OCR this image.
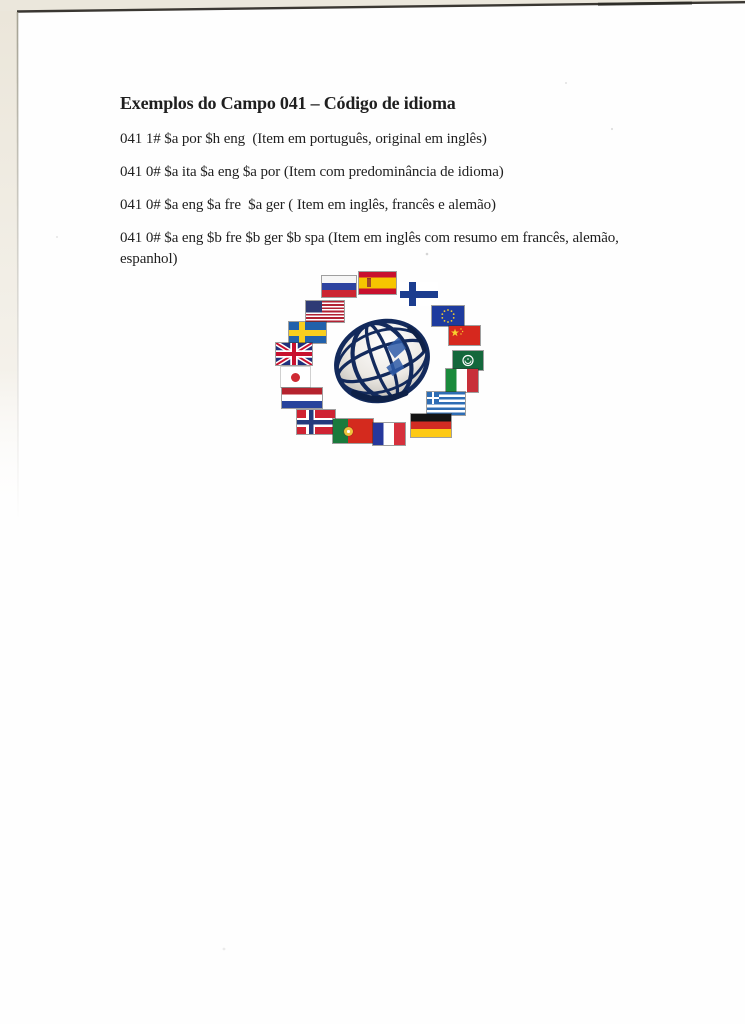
Exemplos do Campo 041 – Código de idioma

041 1# $a por $h eng  (Item em português, original em inglês)

041 0# $a ita $a eng $a por (Item com predominância de idioma)

041 0# $a eng $a fre  $a ger ( Item em inglês, francês e alemão)

041 0# $a eng $b fre $b ger $b spa (Item em inglês com resumo em francês, alemão, espanhol)
